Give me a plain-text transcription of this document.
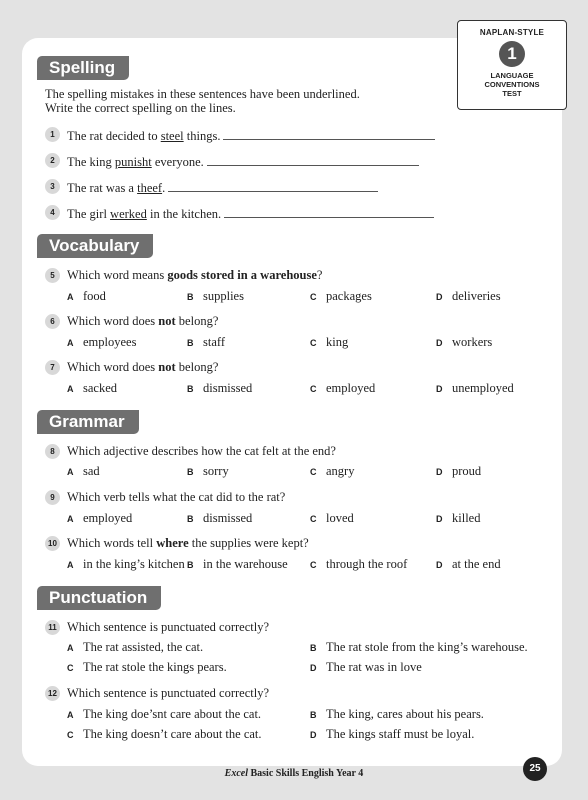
NAPLAN-STYLE
1
LANGUAGE
CONVENTIONS
TEST
Spelling
The spelling mistakes in these sentences have been underlined.
Write the correct spelling on the lines.
1 The rat decided to steel things.
2 The king punisht everyone.
3 The rat was a theef.
4 The girl werked in the kitchen.
Vocabulary
5 Which word means goods stored in a warehouse?
A food	B supplies	C packages	D deliveries
6 Which word does not belong?
A employees	B staff	C king	D workers
7 Which word does not belong?
A sacked	B dismissed	C employed	D unemployed
Grammar
8 Which adjective describes how the cat felt at the end?
A sad	B sorry	C angry	D proud
9 Which verb tells what the cat did to the rat?
A employed	B dismissed	C loved	D killed
10 Which words tell where the supplies were kept?
A in the king’s kitchen B in the warehouse C through the roof	D at the end
Punctuation
11 Which sentence is punctuated correctly?
A The rat assisted, the cat.	B The rat stole from the king’s warehouse.
C The rat stole the kings pears.	D The rat was in love
12 Which sentence is punctuated correctly?
A The king doe’snt care about the cat.	B The king, cares about his pears.
C The king doesn’t care about the cat.	D The kings staff must be loyal.
Excel Basic Skills English Year 4	25
